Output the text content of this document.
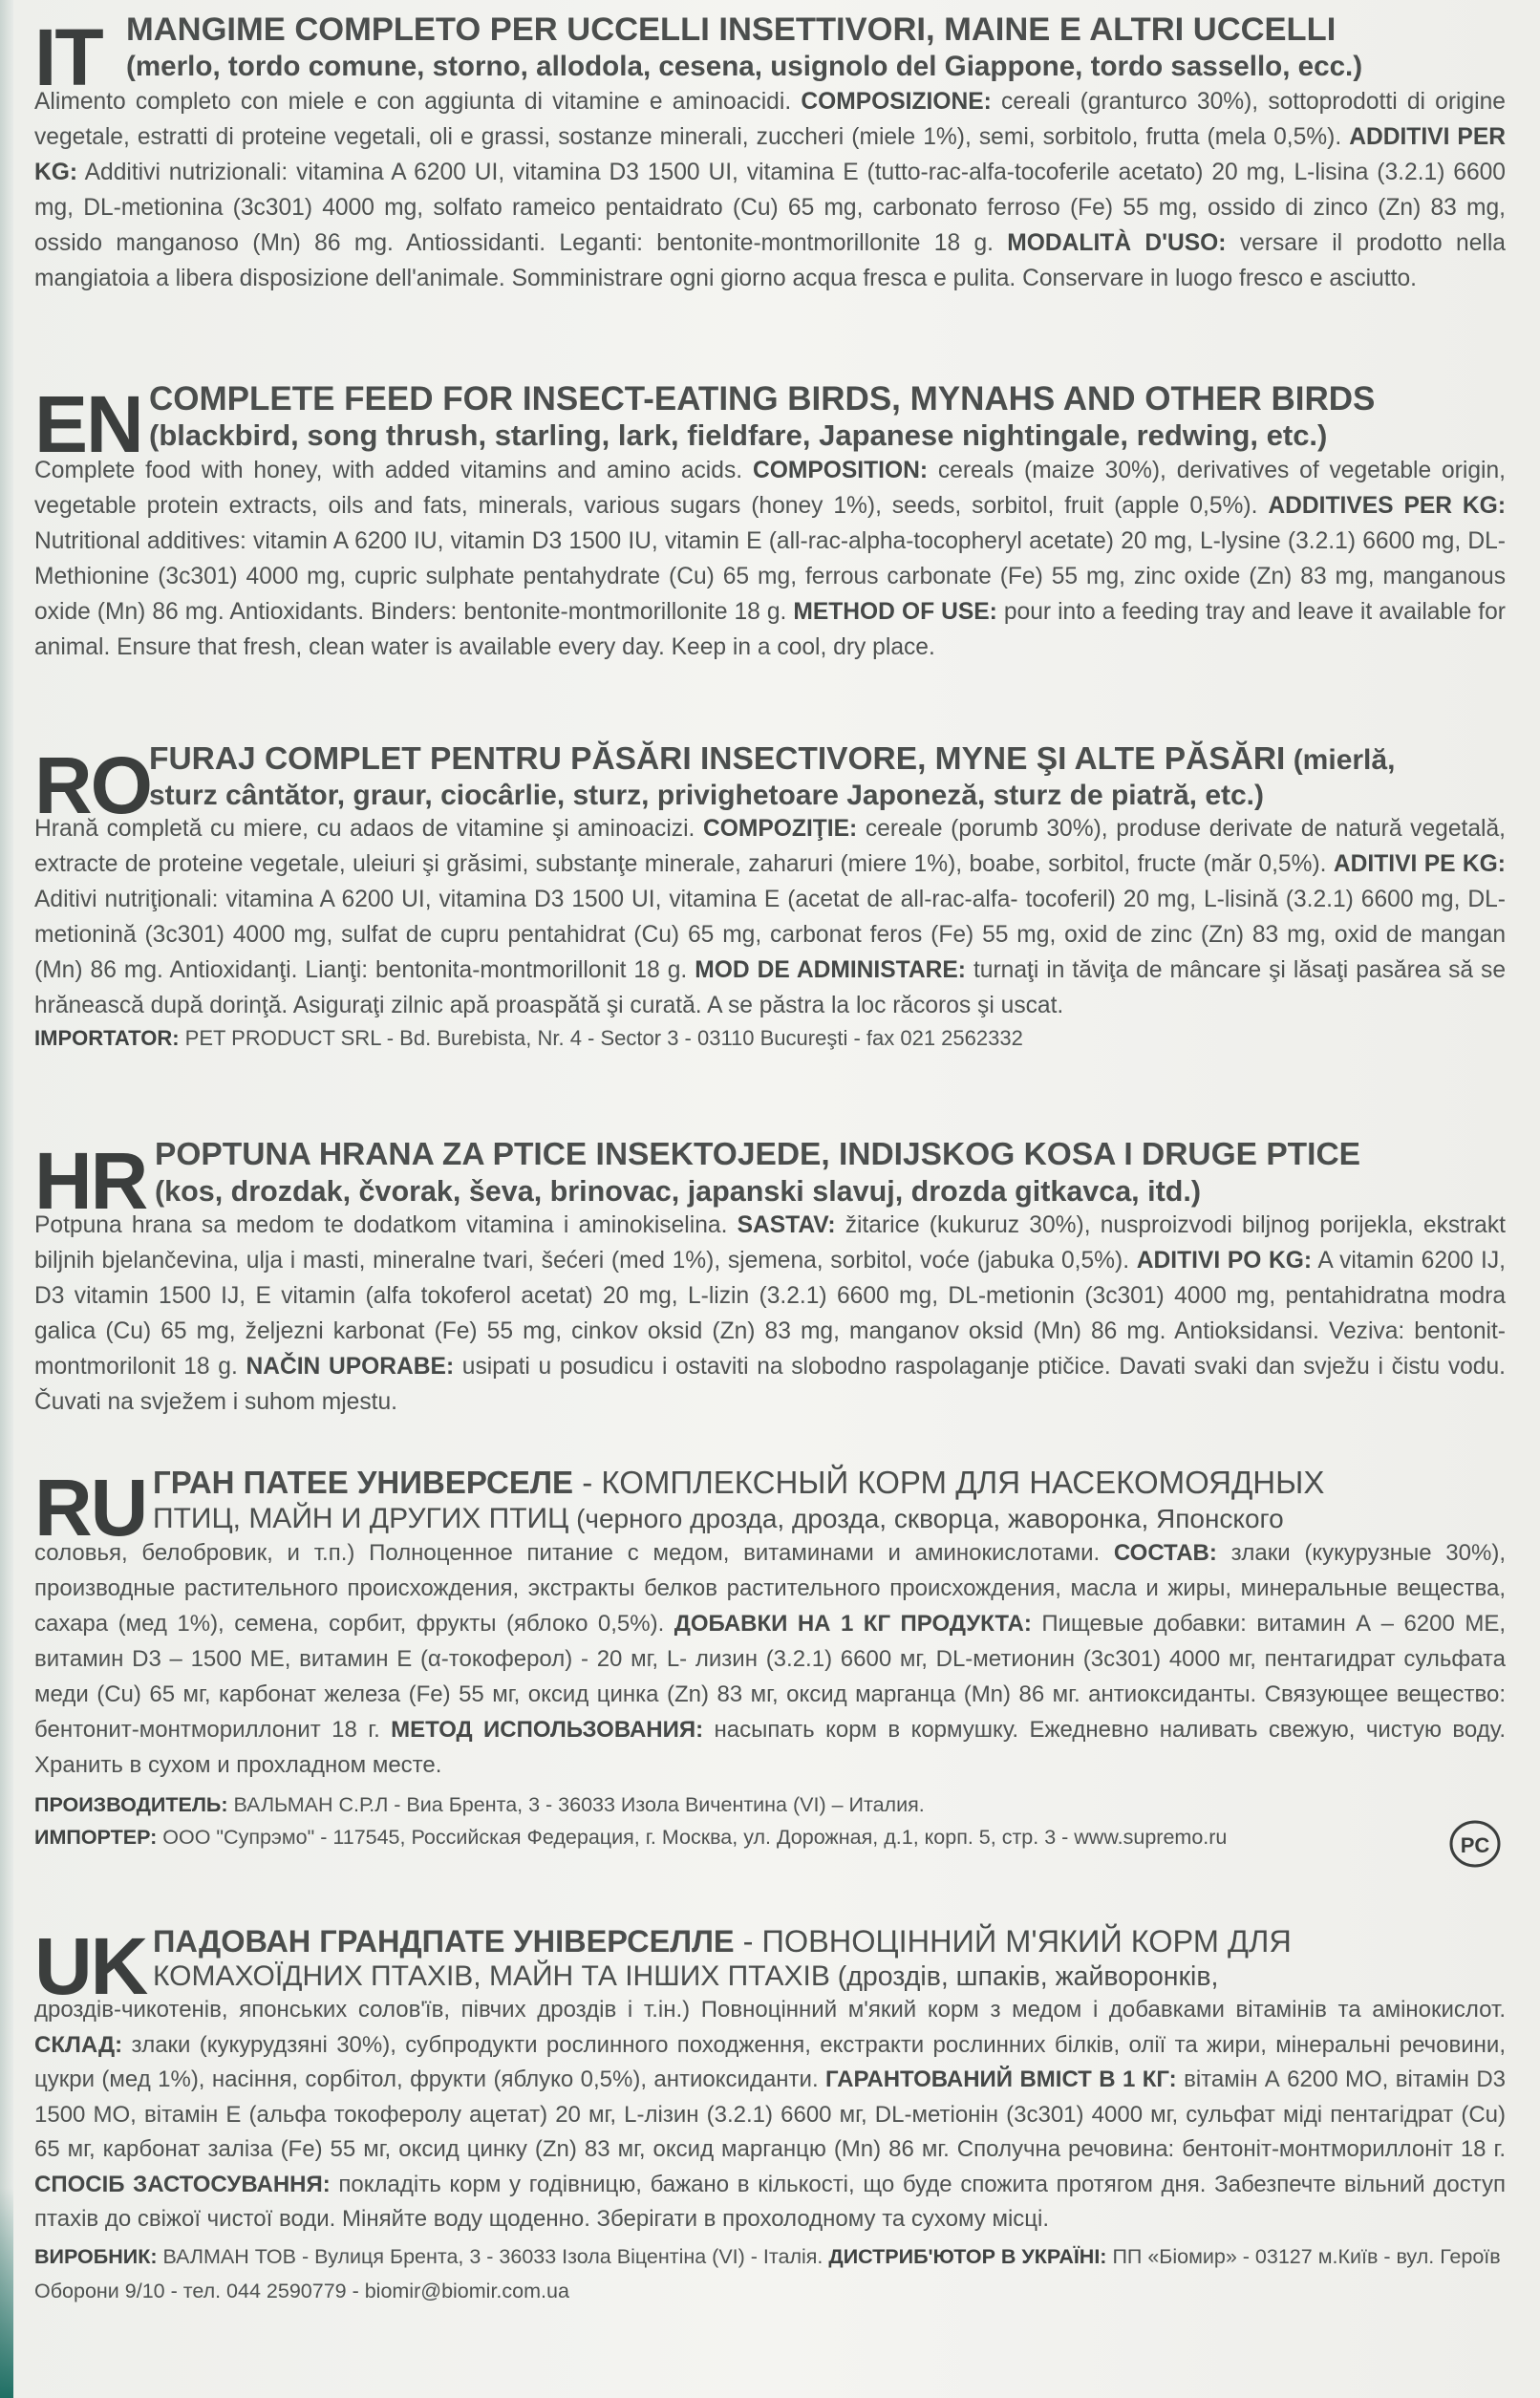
IT MANGIME COMPLETO PER UCCELLI INSETTIVORI, MAINE E ALTRI UCCELLI
(merlo, tordo comune, storno, allodola, cesena, usignolo del Giappone, tordo sassello, ecc.)
Alimento completo con miele e con aggiunta di vitamine e aminoacidi. COMPOSIZIONE: cereali (granturco 30%), sottoprodotti di origine vegetale, estratti di proteine vegetali, oli e grassi, sostanze minerali, zuccheri (miele 1%), semi, sorbitolo, frutta (mela 0,5%). ADDITIVI PER KG: Additivi nutrizionali: vitamina A 6200 UI, vitamina D3 1500 UI, vitamina E (tutto-rac-alfa-tocoferile acetato) 20 mg, L-lisina (3.2.1) 6600 mg, DL-metionina (3c301) 4000 mg, solfato rameico pentaidrato (Cu) 65 mg, carbonato ferroso (Fe) 55 mg, ossido di zinco (Zn) 83 mg, ossido manganoso (Mn) 86 mg. Antiossidanti. Leganti: bentonite-montmorillonite 18 g. MODALITÀ D'USO: versare il prodotto nella mangiatoia a libera disposizione dell'animale. Somministrare ogni giorno acqua fresca e pulita. Conservare in luogo fresco e asciutto.
EN COMPLETE FEED FOR INSECT-EATING BIRDS, MYNAHS AND OTHER BIRDS
(blackbird, song thrush, starling, lark, fieldfare, Japanese nightingale, redwing, etc.)
Complete food with honey, with added vitamins and amino acids. COMPOSITION: cereals (maize 30%), derivatives of vegetable origin, vegetable protein extracts, oils and fats, minerals, various sugars (honey 1%), seeds, sorbitol, fruit (apple 0,5%). ADDITIVES PER KG: Nutritional additives: vitamin A 6200 IU, vitamin D3 1500 IU, vitamin E (all-rac-alpha-tocopheryl acetate) 20 mg, L-lysine (3.2.1) 6600 mg, DL-Methionine (3c301) 4000 mg, cupric sulphate pentahydrate (Cu) 65 mg, ferrous carbonate (Fe) 55 mg, zinc oxide (Zn) 83 mg, manganous oxide (Mn) 86 mg. Antioxidants. Binders: bentonite-montmorillonite 18 g. METHOD OF USE: pour into a feeding tray and leave it available for animal. Ensure that fresh, clean water is available every day. Keep in a cool, dry place.
RO
FURAJ COMPLET PENTRU PĂSĂRI INSECTIVORE, MYNE ŞI ALTE PĂSĂRI (mierlă,
sturz cântător, graur, ciocârlie, sturz, privighetoare Japoneză, sturz de piatră, etc.)
Hrană completă cu miere, cu adaos de vitamine şi aminoacizi. COMPOZIŢIE: cereale (porumb 30%), produse derivate de natură vegetală, extracte de proteine vegetale, uleiuri şi grăsimi, substanţe minerale, zaharuri (miere 1%), boabe, sorbitol, fructe (măr 0,5%). ADITIVI PE KG: Aditivi nutriţionali: vitamina A 6200 UI, vitamina D3 1500 UI, vitamina E (acetat de all-rac-alfa- tocoferil) 20 mg, L-lisină (3.2.1) 6600 mg, DL-metionină (3c301) 4000 mg, sulfat de cupru pentahidrat (Cu) 65 mg, carbonat feros (Fe) 55 mg, oxid de zinc (Zn) 83 mg, oxid de mangan (Mn) 86 mg. Antioxidanţi. Lianţi: bentonita-montmorillonit 18 g. MOD DE ADMINISTARE: turnaţi in tăviţa de mâncare şi lăsaţi pasărea să se hrănească după dorinţă. Asiguraţi zilnic apă proaspătă şi curată. A se păstra la loc răcoros şi uscat.
IMPORTATOR: PET PRODUCT SRL - Bd. Burebista, Nr. 4 - Sector 3 - 03110 Bucureşti - fax 021 2562332
HR POPTUNA HRANA ZA PTICE INSEKTOJEDE, INDIJSKOG KOSA I DRUGE PTICE
(kos, drozdak, čvorak, ševa, brinovac, japanski slavuj, drozda gitkavca, itd.)
Potpuna hrana sa medom te dodatkom vitamina i aminokiselina. SASTAV: žitarice (kukuruz 30%), nusproizvodi biljnog porijekla, ekstrakt biljnih bjelančevina, ulja i masti, mineralne tvari, šećeri (med 1%), sjemena, sorbitol, voće (jabuka 0,5%). ADITIVI PO KG: A vitamin 6200 IJ, D3 vitamin 1500 IJ, E vitamin (alfa tokoferol acetat) 20 mg, L-lizin (3.2.1) 6600 mg, DL-metionin (3c301) 4000 mg, pentahidratna modra galica (Cu) 65 mg, željezni karbonat (Fe) 55 mg, cinkov oksid (Zn) 83 mg, manganov oksid (Mn) 86 mg. Antioksidansi. Veziva: bentonit-montmorilonit 18 g. NAČIN UPORABE: usipati u posudicu i ostaviti na slobodno raspolaganje ptičice. Davati svaki dan svježu i čistu vodu. Čuvati na svježem i suhom mjestu.
RU ГРАН ПАТЕЕ УНИВЕРСЕЛЕ - КОМПЛЕКСНЫЙ КОРМ ДЛЯ НАСЕКОМОЯДНЫХ
ПТИЦ, МАЙН И ДРУГИХ ПТИЦ (черного дрозда, дрозда, скворца, жаворонка, Японского
соловья, белобровик, и т.п.) Полноценное питание с медом, витаминами и аминокислотами. СОСТАВ: злаки (кукурузные 30%), производные растительного происхождения, экстракты белков растительного происхождения, масла и жиры, минеральные вещества, сахара (мед 1%), семена, сорбит, фрукты (яблоко 0,5%). ДОБАВКИ НА 1 КГ ПРОДУКТА: Пищевые добавки: витамин А – 6200 МЕ, витамин D3 – 1500 МЕ, витамин Е (α-токоферол) - 20 мг, L- лизин (3.2.1) 6600 мг, DL-метионин (3c301) 4000 мг, пентагидрат сульфата меди (Cu) 65 мг, карбонат железа (Fe) 55 мг, оксид цинка (Zn) 83 мг, оксид марганца (Mn) 86 мг. антиоксиданты. Связующее вещество: бентонит-монтмориллонит 18 г. МЕТОД ИСПОЛЬЗОВАНИЯ: насыпать корм в кормушку. Ежедневно наливать свежую, чистую воду. Хранить в сухом и прохладном месте.
ПРОИЗВОДИТЕЛЬ: ВАЛЬМАН С.Р.Л - Виа Брента, 3 - 36033 Изола Вичентина (VI) – Италия.
ИМПОРТЕР: ООО "Супрэмо" - 117545, Российская Федерация, г. Москва, ул. Дорожная, д.1, корп. 5, стр. 3 - www.supremo.ru	PC
UK ПАДОВАН ГРАНДПАТЕ УНІВЕРСЕЛЛЕ - ПОВНОЦІННИЙ М'ЯКИЙ КОРМ ДЛЯ
КОМАХОЇДНИХ ПТАХІВ, МАЙН ТА ІНШИХ ПТАХІВ (дроздів, шпаків, жайворонків,
дроздів-чикотенів, японських солов'їв, півчих дроздів і т.ін.) Повноцінний м'який корм з медом і добавками вітамінів та амінокислот. СКЛАД: злаки (кукурудзяні 30%), субпродукти рослинного походження, екстракти рослинних білків, олії та жири, мінеральні речовини, цукри (мед 1%), насіння, сорбітол, фрукти (яблуко 0,5%), антиоксиданти. ГАРАНТОВАНИЙ ВМІСТ В 1 КГ: вітамін А 6200 МО, вітамін D3 1500 МО, вітамін Е (альфа токоферолу ацетат) 20 мг, L-лізин (3.2.1) 6600 мг, DL-метіонін (3c301) 4000 мг, сульфат міді пентагідрат (Cu) 65 мг, карбонат заліза (Fe) 55 мг, оксид цинку (Zn) 83 мг, оксид марганцю (Mn) 86 мг. Сполучна речовина: бентоніт-монтмориллоніт 18 г. СПОСІБ ЗАСТОСУВАННЯ: покладіть корм у годівницю, бажано в кількості, що буде спожита протягом дня. Забезпечте вільний доступ птахів до свіжої чистої води. Міняйте воду щоденно. Зберігати в прохолодному та сухому місці.
ВИРОБНИК: ВАЛМАН ТОВ - Вулиця Брента, 3 - 36033 Ізола Віцентіна (VI) - Італія. ДИСТРИБ'ЮТОР В УКРАЇНІ: ПП «Біомир» - 03127 м.Київ - вул. Героїв Оборони 9/10 - тел. 044 2590779 - biomir@biomir.com.ua
